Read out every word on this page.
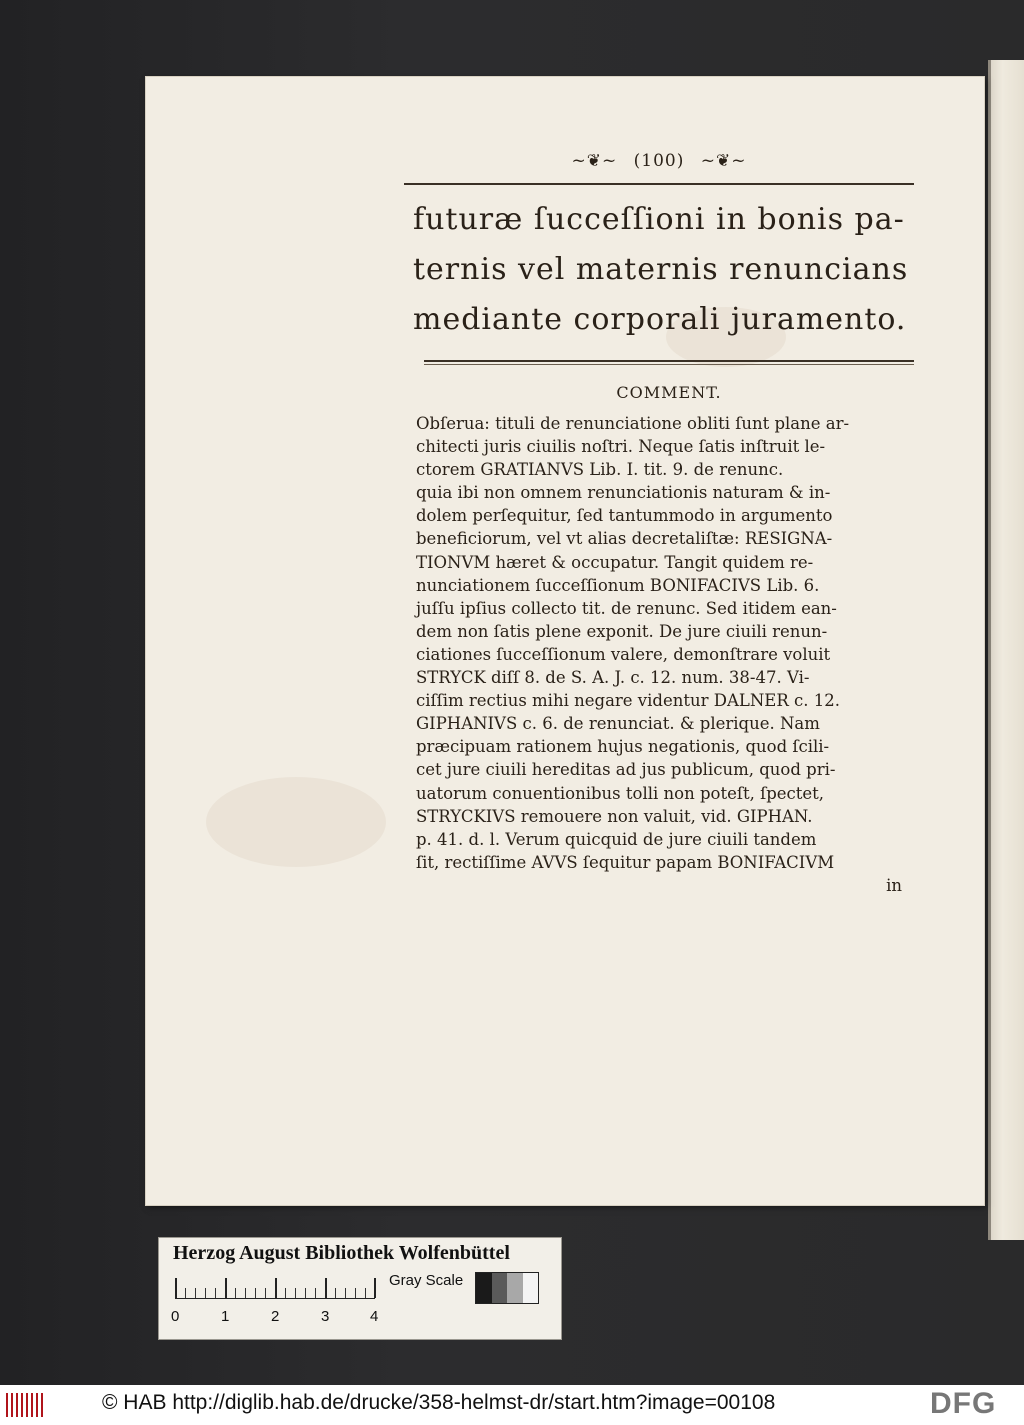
~❦~ (100) ~❦~
futuræ ſucceſſioni in bonis pa-
ternis vel maternis renuncians
mediante corporali juramento.
COMMENT.
Obſerua: tituli de renunciatione obliti ſunt plane ar-
chitecti juris ciuilis noſtri. Neque ſatis inſtruit le-
ctorem GRATIANVS Lib. I. tit. 9. de renunc.
quia ibi non omnem renunciationis naturam & in-
dolem perſequitur, ſed tantummodo in argumento
beneficiorum, vel vt alias decretaliſtæ: RESIGNA-
TIONVM hæret & occupatur. Tangit quidem re-
nunciationem ſucceſſionum BONIFACIVS Lib. 6.
juſſu ipſius collecto tit. de renunc. Sed itidem ean-
dem non ſatis plene exponit. De jure ciuili renun-
ciationes ſucceſſionum valere, demonſtrare voluit
STRYCK diſſ 8. de S. A. J. c. 12. num. 38-47. Vi-
ciſſim rectius mihi negare videntur DALNER c. 12.
GIPHANIVS c. 6. de renunciat. & plerique. Nam
præcipuam rationem hujus negationis, quod ſcili-
cet jure ciuili hereditas ad jus publicum, quod pri-
uatorum conuentionibus tolli non poteſt, ſpectet,
STRYCKIVS remouere non valuit, vid. GIPHAN.
p. 41. d. l. Verum quicquid de jure ciuili tandem
ſit, rectiſſime AVVS ſequitur papam BONIFACIVM
in
Herzog August Bibliothek Wolfenbüttel
0	1	2	3	4
Gray Scale
© HAB http://diglib.hab.de/drucke/358-helmst-dr/start.htm?image=00108	DFG
